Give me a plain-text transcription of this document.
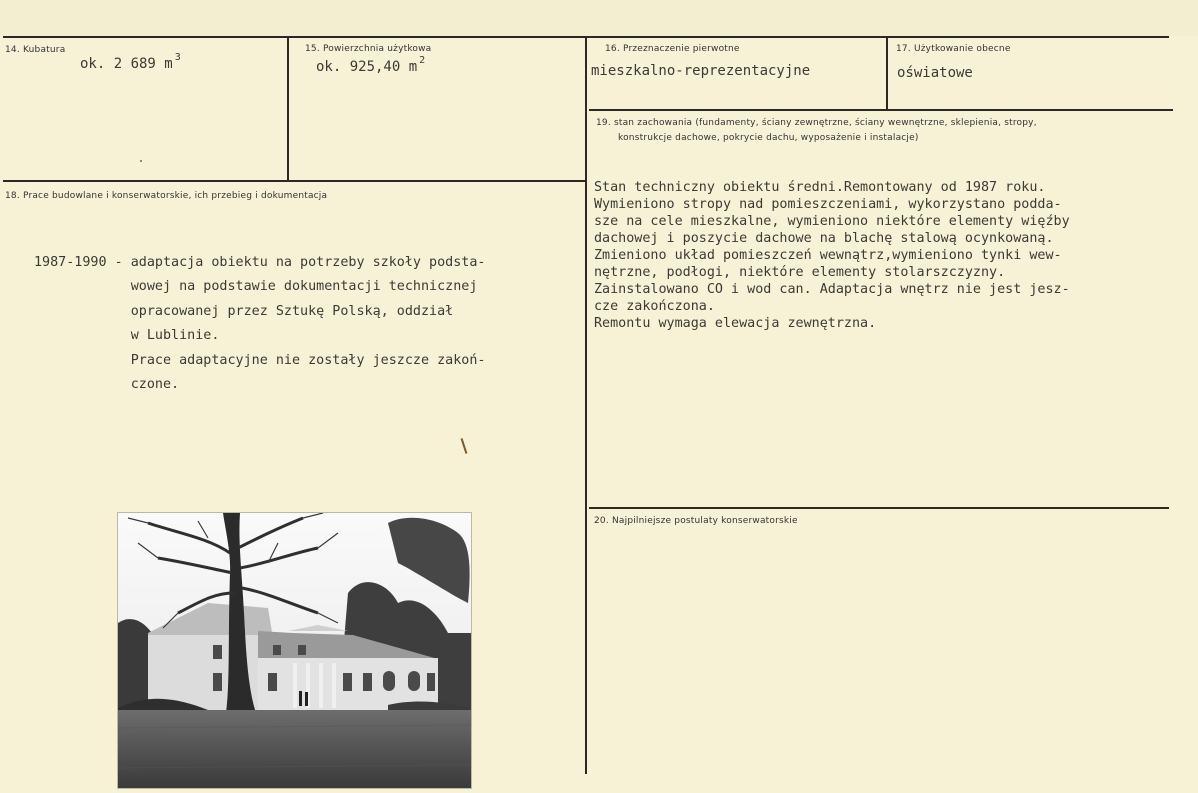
14. Kubatura
ok. 2 689 m $^3$
15. Powierzchnia użytkowa
ok. 925,40 m $^2$
16. Przeznaczenie pierwotne
mieszkalno-reprezentacyjne
17. Użytkowanie obecne
oświatowe
18. Prace budowlane i konserwatorskie, ich przebieg i dokumentacja

1987-1990 - adaptacja obiektu na potrzeby szkoły podsta-
wowej na podstawie dokumentacji technicznej
opracowanej przez Sztukę Polską, oddział
w Lublinie.
Prace adaptacyjne nie zostały jeszcze zakoń-
czone.
19. stan zachowania (fundamenty, ściany zewnętrzne, ściany wewnętrzne, sklepienia, stropy,
konstrukcje dachowe, pokrycie dachu, wyposażenie i instalacje)

Stan techniczny obiektu średni.Remontowany od 1987 roku.
Wymieniono stropy nad pomieszczeniami, wykorzystano podda-
sze na cele mieszkalne, wymieniono niektóre elementy więźby
dachowej i poszycie dachowe na blachę stalową ocynkowaną.
Zmieniono układ pomieszczeń wewnątrz,wymieniono tynki wew-
nętrzne, podłogi, niektóre elementy stolarszczyzny.
Zainstalowano CO i wod can. Adaptacja wnętrz nie jest jesz-
cze zakończona.
Remontu wymaga elewacja zewnętrzna.
20. Najpilniejsze postulaty konserwatorskie
